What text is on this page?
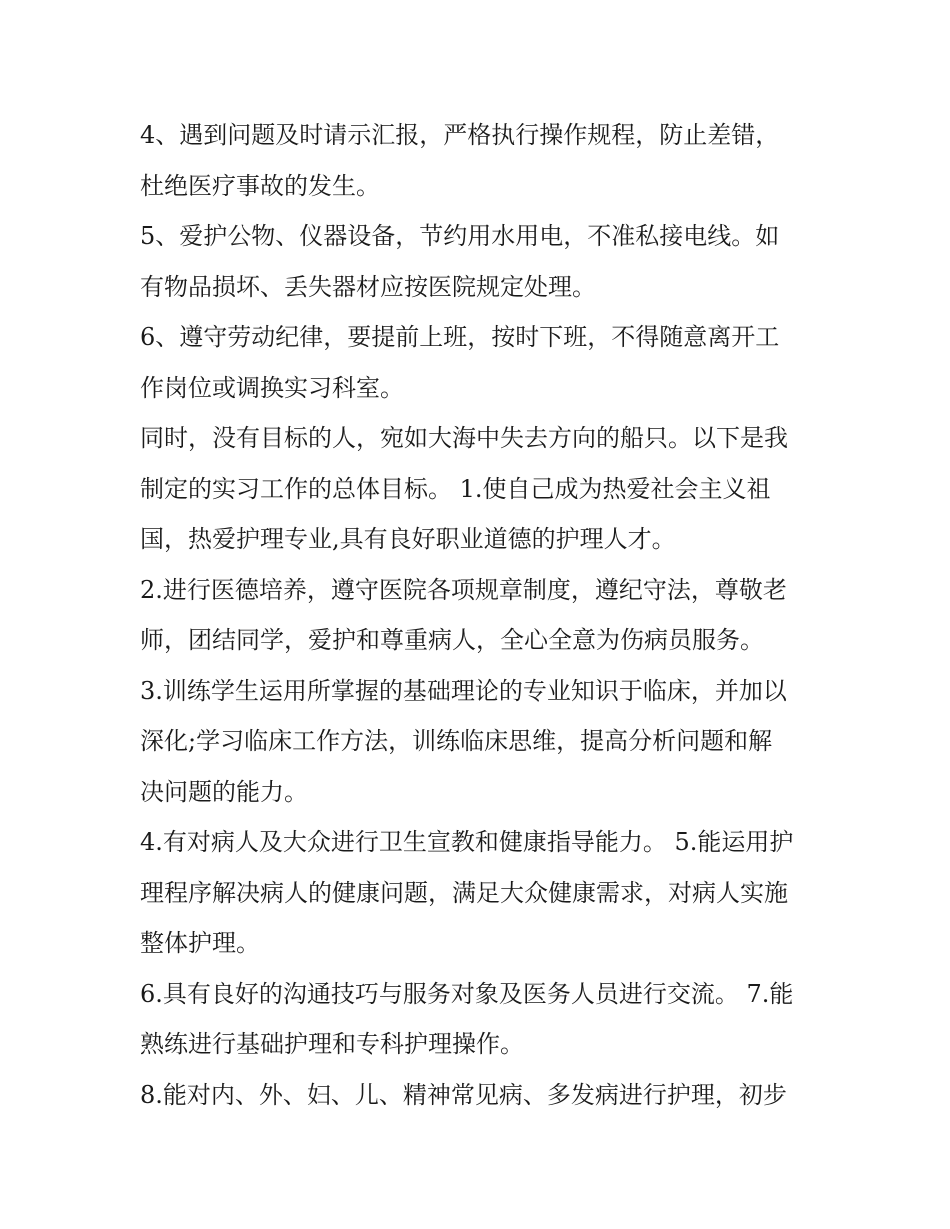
4、遇到问题及时请示汇报，严格执行操作规程，防止差错，
杜绝医疗事故的发生。
5、爱护公物、仪器设备，节约用水用电，不准私接电线。如
有物品损坏、丢失器材应按医院规定处理。
6、遵守劳动纪律，要提前上班，按时下班，不得随意离开工
作岗位或调换实习科室。
同时，没有目标的人，宛如大海中失去方向的船只。以下是我
制定的实习工作的总体目标。 1.使自己成为热爱社会主义祖
国，热爱护理专业,具有良好职业道德的护理人才。
2.进行医德培养，遵守医院各项规章制度，遵纪守法，尊敬老
师，团结同学，爱护和尊重病人，全心全意为伤病员服务。
3.训练学生运用所掌握的基础理论的专业知识于临床，并加以
深化;学习临床工作方法，训练临床思维，提高分析问题和解
决问题的能力。
4.有对病人及大众进行卫生宣教和健康指导能力。 5.能运用护
理程序解决病人的健康问题，满足大众健康需求，对病人实施
整体护理。
6.具有良好的沟通技巧与服务对象及医务人员进行交流。 7.能
熟练进行基础护理和专科护理操作。
8.能对内、外、妇、儿、精神常见病、多发病进行护理，初步
